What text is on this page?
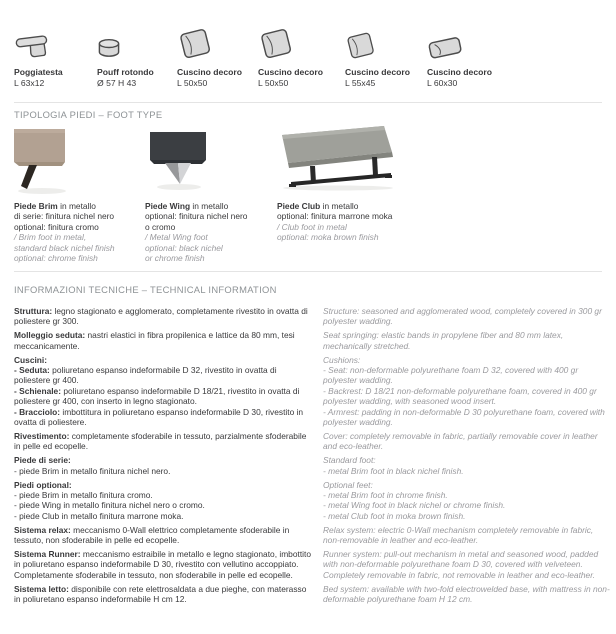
Pouff rotondo
Ø 57 H 43
Cuscino decoro
L 50x50
Cuscino decoro
L 50x50
Cuscino decoro
L 55x45
Cuscino decoro
L 60x30
Poggiatesta
L 63x12
TIPOLOGIA PIEDI – FOOT TYPE
Piede Brim in metallo
di serie: finitura nichel nero
optional: finitura cromo
/ Brim foot in metal,
standard black nichel finish
optional: chrome finish
Piede Wing in metallo
optional: finitura nichel nero
o cromo
/ Metal Wing foot
optional: black nichel
or chrome finish
Piede Club in metallo
optional: finitura marrone moka
/ Club foot in metal
optional: moka brown finish
INFORMAZIONI TECNICHE – TECHNICAL INFORMATION

Struttura: legno stagionato e agglomerato, completamente rivestito in ovatta di poliestere gr 300.

Molleggio seduta: nastri elastici in fibra propilenica e lattice da 80 mm, tesi meccanicamente.

Cuscini:
- Seduta: poliuretano espanso indeformabile D 32, rivestito in ovatta di poliestere gr 400.
- Schienale: poliuretano espanso indeformabile D 18/21, rivestito in ovatta di poliestere gr 400, con inserto in legno stagionato.
- Bracciolo: imbottitura in poliuretano espanso indeformabile D 30, rivestito in ovatta di poliestere.

Rivestimento: completamente sfoderabile in tessuto, parzialmente sfoderabile in pelle ed ecopelle.

Piede di serie:
- piede Brim in metallo finitura nichel nero.

Piedi optional:
- piede Brim in metallo finitura cromo.
- piede Wing in metallo finitura nichel nero o cromo.
- piede Club in metallo finitura marrone moka.

Sistema relax: meccanismo 0-Wall elettrico completamente sfoderabile in tessuto, non sfoderabile in pelle ed ecopelle.

Sistema Runner: meccanismo estraibile in metallo e legno stagionato, imbottito in poliuretano espanso indeformabile D 30, rivestito con vellutino accoppiato. Completamente sfoderabile in tessuto, non sfoderabile in pelle ed ecopelle.

Sistema letto: disponibile con rete elettrosaldata a due pieghe, con materasso in poliuretano espanso indeformabile H cm 12.

Structure: seasoned and agglomerated wood, completely covered in 300 gr polyester wadding.

Seat springing: elastic bands in propylene fiber and 80 mm latex, mechanically stretched.

Cushions:
- Seat: non-deformable polyurethane foam D 32, covered with 400 gr polyester wadding.
- Backrest: D 18/21 non-deformable polyurethane foam, covered in 400 gr polyester wadding, with seasoned wood insert.
- Armrest: padding in non-deformable D 30 polyurethane foam, covered with polyester wadding.

Cover: completely removable in fabric, partially removable cover in leather and eco-leather.

Standard foot:
- metal Brim foot in black nichel finish.

Optional feet:
- metal Brim foot in chrome finish.
- metal Wing foot in black nichel or chrome finish.
- metal Club foot in moka brown finish.

Relax system: electric 0-Wall mechanism completely removable in fabric, non-removable in leather and eco-leather.

Runner system: pull-out mechanism in metal and seasoned wood, padded with non-deformable polyurethane foam D 30, covered with velveteen. Completely removable in fabric, not removable in leather and eco-leather.

Bed system: available with two-fold electrowelded base, with mattress in non-deformable polyurethane foam H 12 cm.
